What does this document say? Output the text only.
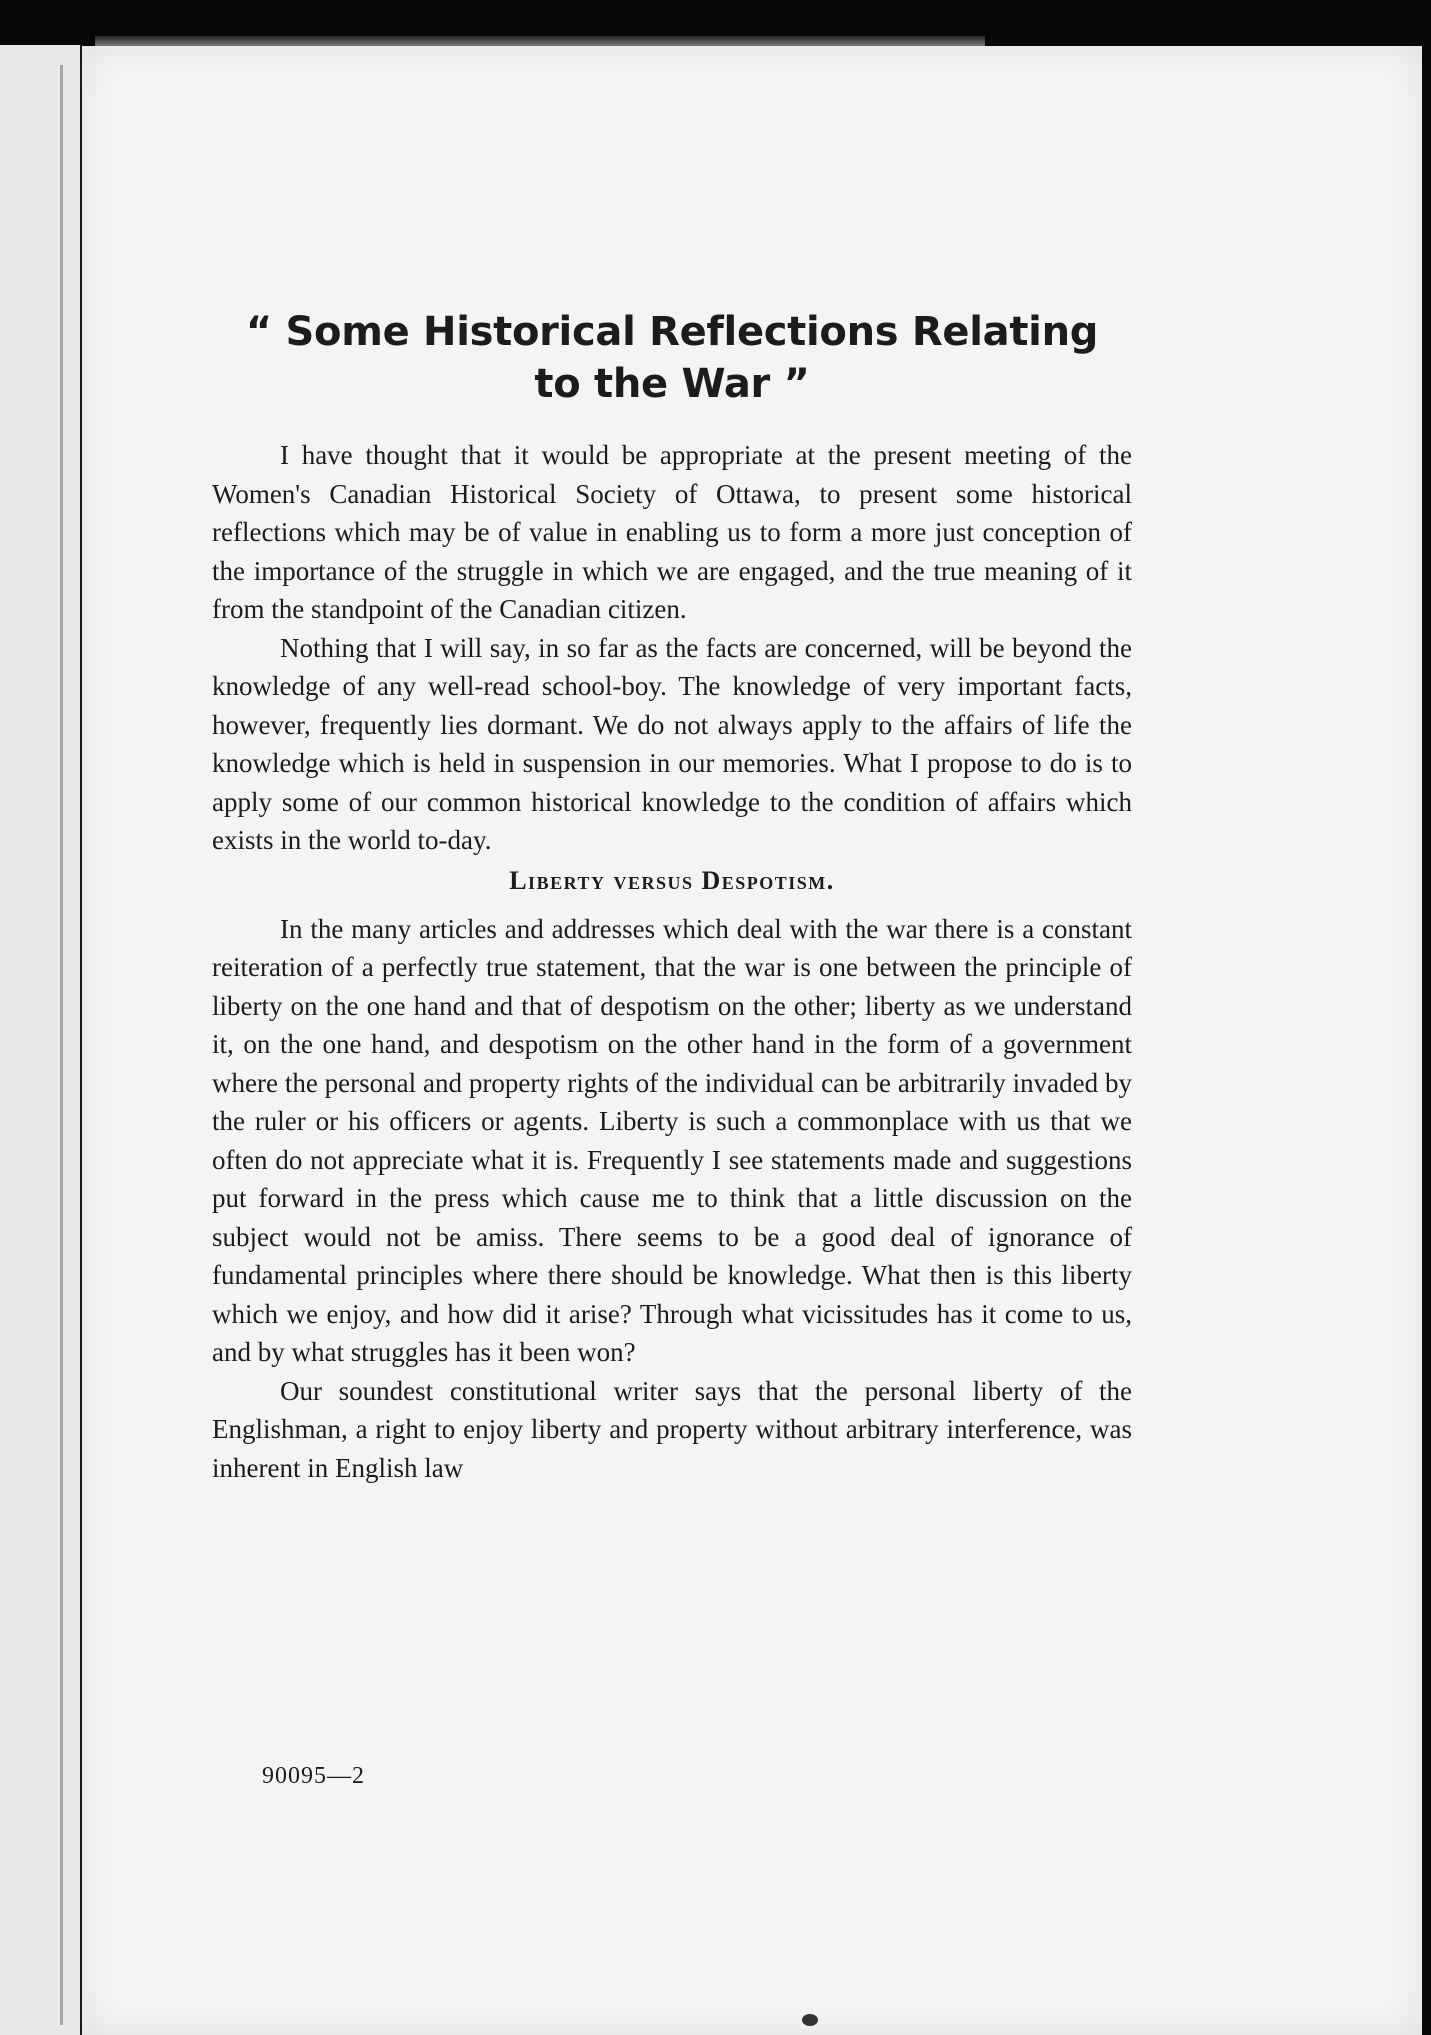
“ Some Historical Reflections Relating
to the War ”

I have thought that it would be appropriate at the present meeting of the Women's Canadian Historical Society of Ottawa, to present some historical reflections which may be of value in enabling us to form a more just conception of the importance of the struggle in which we are engaged, and the true meaning of it from the standpoint of the Canadian citizen.

Nothing that I will say, in so far as the facts are concerned, will be beyond the knowledge of any well-read school-boy. The knowledge of very important facts, however, frequently lies dormant. We do not always apply to the affairs of life the knowledge which is held in suspension in our memories. What I propose to do is to apply some of our common historical knowledge to the condition of affairs which exists in the world to-day.

Liberty versus Despotism.

In the many articles and addresses which deal with the war there is a constant reiteration of a perfectly true statement, that the war is one between the principle of liberty on the one hand and that of despotism on the other; liberty as we understand it, on the one hand, and despotism on the other hand in the form of a government where the personal and property rights of the individual can be arbitrarily invaded by the ruler or his officers or agents. Liberty is such a commonplace with us that we often do not appreciate what it is. Frequently I see statements made and suggestions put forward in the press which cause me to think that a little discussion on the subject would not be amiss. There seems to be a good deal of ignorance of fundamental principles where there should be knowledge. What then is this liberty which we enjoy, and how did it arise? Through what vicissitudes has it come to us, and by what struggles has it been won?

Our soundest constitutional writer says that the personal liberty of the Englishman, a right to enjoy liberty and property without arbitrary interference, was inherent in English law

90095—2
